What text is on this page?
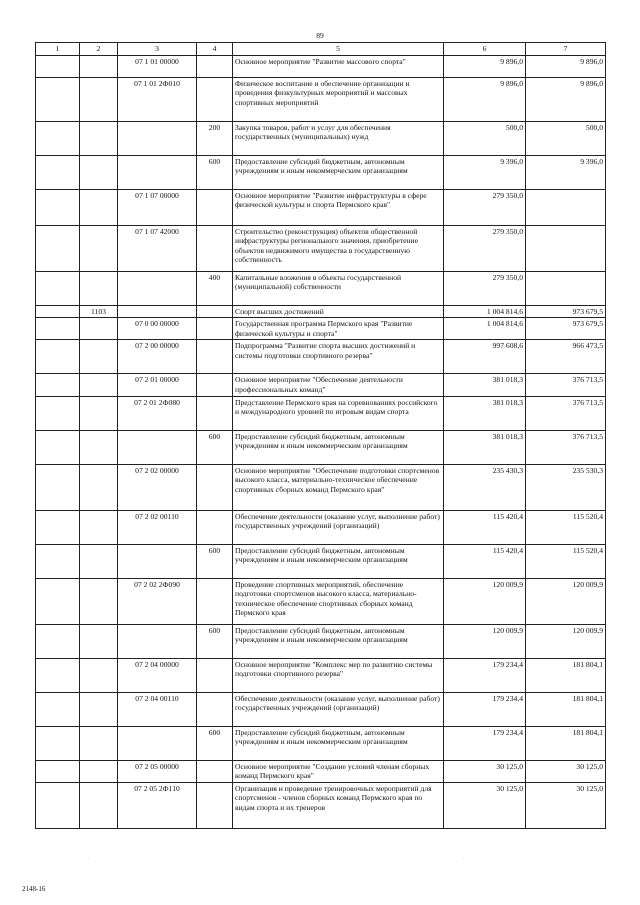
89
1	2	3	4	5	6	7
		07 1 01 00000		Основное мероприятие "Развитие массового спорта"	9 896,0	9 896,0
		07 1 01 2Ф010		Физическое воспитание и обеспечение организации и проведения физкультурных мероприятий и массовых спортивных мероприятий	9 896,0	9 896,0
			200	Закупка товаров, работ и услуг для обеспечения государственных (муниципальных) нужд	500,0	500,0
			600	Предоставление субсидий бюджетным, автономным учреждениям и иным некоммерческим организациям	9 396,0	9 396,0
		07 1 07 00000		Основное мероприятие "Развитие инфраструктуры в сфере физической культуры и спорта Пермского края"	279 350,0	
		07 1 07 42000		Строительство (реконструкция) объектов общественной инфраструктуры регионального значения, приобретение объектов недвижимого имущества в государственную собственность	279 350,0	
			400	Капитальные вложения в объекты государственной (муниципальной) собственности	279 350,0	
	1103			Спорт высших достижений	1 004 814,6	973 679,5
		07 0 00 00000		Государственная программа Пермского края "Развитие физической культуры и спорта"	1 004 814,6	973 679,5
		07 2 00 00000		Подпрограмма "Развитие спорта высших достижений и системы подготовки спортивного резерва"	997 608,6	966 473,5
		07 2 01 00000		Основное мероприятие "Обеспечение деятельности профессиональных команд"	381 018,3	376 713,5
		07 2 01 2Ф080		Представление Пермского края на соревнованиях российского и международного уровней по игровым видам спорта	381 018,3	376 713,5
			600	Предоставление субсидий бюджетным, автономным учреждениям и иным некоммерческим организациям	381 018,3	376 713,5
		07 2 02 00000		Основное мероприятие "Обеспечение подготовки спортсменов высокого класса, материально-техническое обеспечение спортивных сборных команд Пермского края"	235 430,3	235 530,3
		07 2 02 00110		Обеспечение деятельности (оказание услуг, выполнение работ) государственных учреждений (организаций)	115 420,4	115 520,4
			600	Предоставление субсидий бюджетным, автономным учреждениям и иным некоммерческим организациям	115 420,4	115 520,4
		07 2 02 2Ф090		Проведение спортивных мероприятий, обеспечение подготовки спортсменов высокого класса, материально-техническое обеспечение спортивных сборных команд Пермского края	120 009,9	120 009,9
			600	Предоставление субсидий бюджетным, автономным учреждениям и иным некоммерческим организациям	120 009,9	120 009,9
		07 2 04 00000		Основное мероприятие "Комплекс мер по развитию системы подготовки спортивного резерва"	179 234,4	181 804,1
		07 2 04 00110		Обеспечение деятельности (оказание услуг, выполнение работ) государственных учреждений (организаций)	179 234,4	181 804,1
			600	Предоставление субсидий бюджетным, автономным учреждениям и иным некоммерческим организациям	179 234,4	181 804,1
		07 2 05 00000		Основное мероприятие "Создание условий членам сборных команд Пермского края"	30 125,0	30 125,0
		07 2 05 2Ф110		Организация и проведение тренировочных мероприятий для спортсменов - членов сборных команд Пермского края по видам спорта и их тренеров	30 125,0	30 125,0
·	·
2148-16
